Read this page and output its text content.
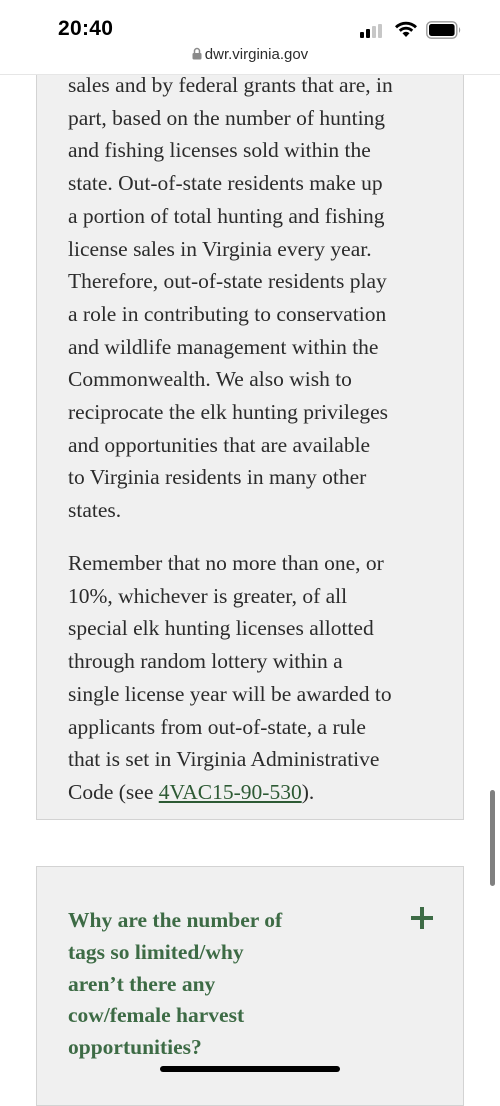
20:40
dwr.virginia.gov

sales and by federal grants that are, in

part, based on the number of hunting

and fishing licenses sold within the

state. Out-of-state residents make up

a portion of total hunting and fishing

license sales in Virginia every year.

Therefore, out-of-state residents play

a role in contributing to conservation

and wildlife management within the

Commonwealth. We also wish to

reciprocate the elk hunting privileges

and opportunities that are available

to Virginia residents in many other

states.

Remember that no more than one, or

10%, whichever is greater, of all

special elk hunting licenses allotted

through random lottery within a

single license year will be awarded to

applicants from out-of-state, a rule

that is set in Virginia Administrative

Code (see 4VAC15-90-530).

Why are the number of
tags so limited/why
aren’t there any
cow/female harvest
opportunities?
